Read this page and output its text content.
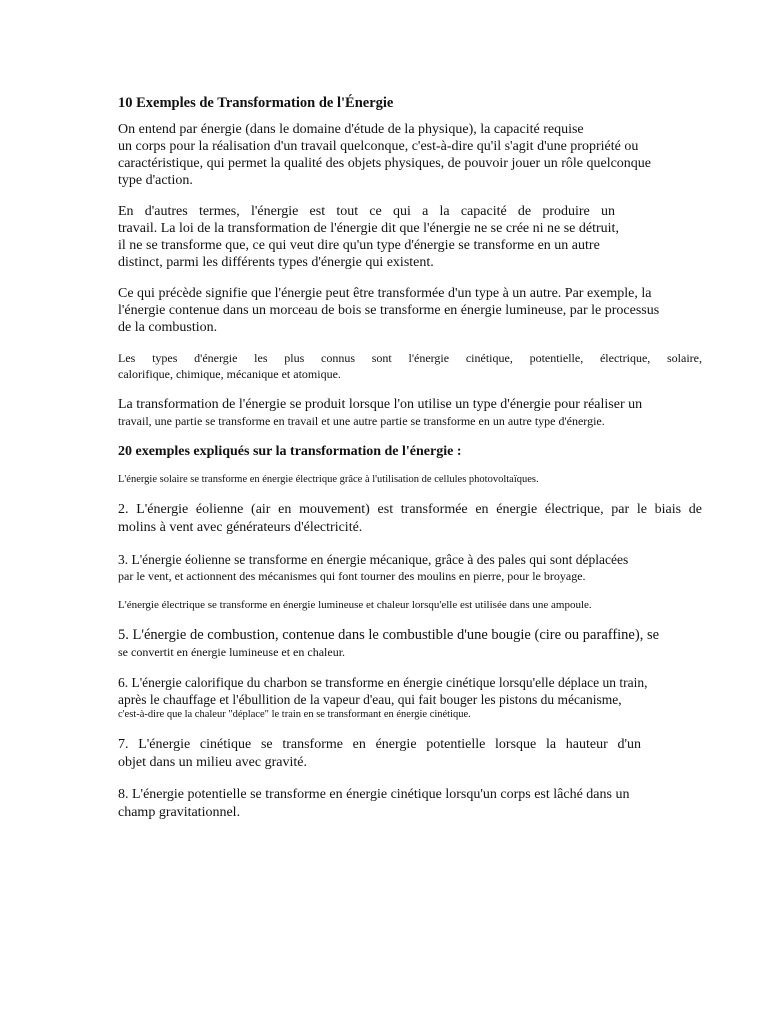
10 Exemples de Transformation de l'Énergie
On entend par énergie (dans le domaine d'étude de la physique), la capacité requise
un corps pour la réalisation d'un travail quelconque, c'est-à-dire qu'il s'agit d'une propriété ou
caractéristique, qui permet la qualité des objets physiques, de pouvoir jouer un rôle quelconque
type d'action.
En d'autres termes, l'énergie est tout ce qui a la capacité de produire un
travail. La loi de la transformation de l'énergie dit que l'énergie ne se crée ni ne se détruit,
il ne se transforme que, ce qui veut dire qu'un type d'énergie se transforme en un autre
distinct, parmi les différents types d'énergie qui existent.
Ce qui précède signifie que l'énergie peut être transformée d'un type à un autre. Par exemple, la
l'énergie contenue dans un morceau de bois se transforme en énergie lumineuse, par le processus
de la combustion.
Les types d'énergie les plus connus sont l'énergie cinétique, potentielle, électrique, solaire,
calorifique, chimique, mécanique et atomique.
La transformation de l'énergie se produit lorsque l'on utilise un type d'énergie pour réaliser un
travail, une partie se transforme en travail et une autre partie se transforme en un autre type d'énergie.
20 exemples expliqués sur la transformation de l'énergie :
L'énergie solaire se transforme en énergie électrique grâce à l'utilisation de cellules photovoltaïques.
2. L'énergie éolienne (air en mouvement) est transformée en énergie électrique, par le biais de
molins à vent avec générateurs d'électricité.
3. L'énergie éolienne se transforme en énergie mécanique, grâce à des pales qui sont déplacées
par le vent, et actionnent des mécanismes qui font tourner des moulins en pierre, pour le broyage.
L'énergie électrique se transforme en énergie lumineuse et chaleur lorsqu'elle est utilisée dans une ampoule.
5. L'énergie de combustion, contenue dans le combustible d'une bougie (cire ou paraffine), se
se convertit en énergie lumineuse et en chaleur.
6. L'énergie calorifique du charbon se transforme en énergie cinétique lorsqu'elle déplace un train,
après le chauffage et l'ébullition de la vapeur d'eau, qui fait bouger les pistons du mécanisme,
c'est-à-dire que la chaleur "déplace" le train en se transformant en énergie cinétique.
7. L'énergie cinétique se transforme en énergie potentielle lorsque la hauteur d'un
objet dans un milieu avec gravité.
8. L'énergie potentielle se transforme en énergie cinétique lorsqu'un corps est lâché dans un
champ gravitationnel.
